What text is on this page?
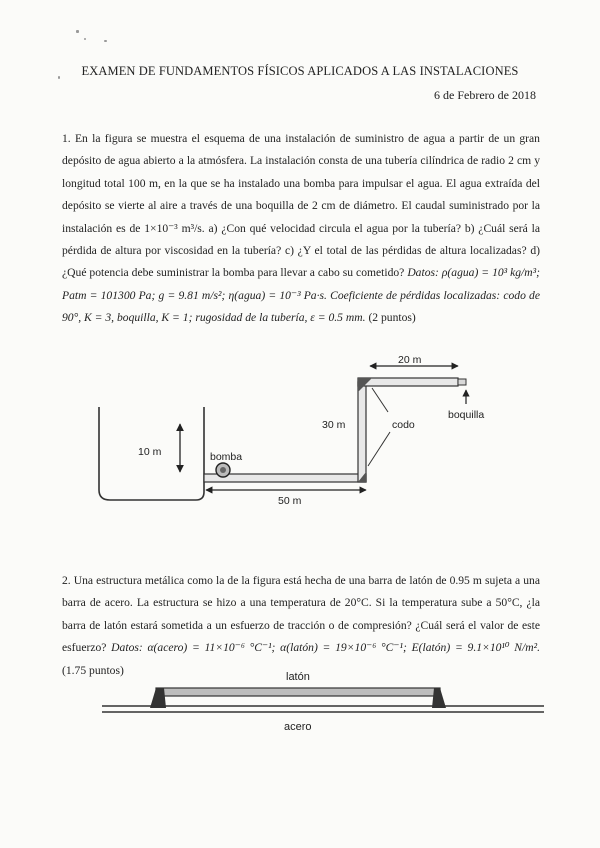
EXAMEN DE FUNDAMENTOS FÍSICOS APLICADOS A LAS INSTALACIONES
6 de Febrero de 2018

1. En la figura se muestra el esquema de una instalación de suministro de agua a partir de un gran depósito de agua abierto a la atmósfera. La instalación consta de una tubería cilíndrica de radio 2 cm y longitud total 100 m, en la que se ha instalado una bomba para impulsar el agua. El agua extraída del depósito se vierte al aire a través de una boquilla de 2 cm de diámetro. El caudal suministrado por la instalación es de 1×10⁻³ m³/s. a) ¿Con qué velocidad circula el agua por la tubería? b) ¿Cuál será la pérdida de altura por viscosidad en la tubería? c) ¿Y el total de las pérdidas de altura localizadas? d) ¿Qué potencia debe suministrar la bomba para llevar a cabo su cometido? Datos: ρ(agua) = 10³ kg/m³; Patm = 101300 Pa; g = 9.81 m/s²; η(agua) = 10⁻³ Pa·s. Coeficiente de pérdidas localizadas: codo de 90°, K = 3, boquilla, K = 1; rugosidad de la tubería, ε = 0.5 mm. (2 puntos)

10 m	bomba
50 m
30 m
20 m
codo
boquilla

2. Una estructura metálica como la de la figura está hecha de una barra de latón de 0.95 m sujeta a una barra de acero. La estructura se hizo a una temperatura de 20°C. Si la temperatura sube a 50°C, ¿la barra de latón estará sometida a un esfuerzo de tracción o de compresión? ¿Cuál será el valor de este esfuerzo? Datos: α(acero) = 11×10⁻⁶ °C⁻¹; α(latón) = 19×10⁻⁶ °C⁻¹; E(latón) = 9.1×10¹⁰ N/m². (1.75 puntos)

latón
acero
